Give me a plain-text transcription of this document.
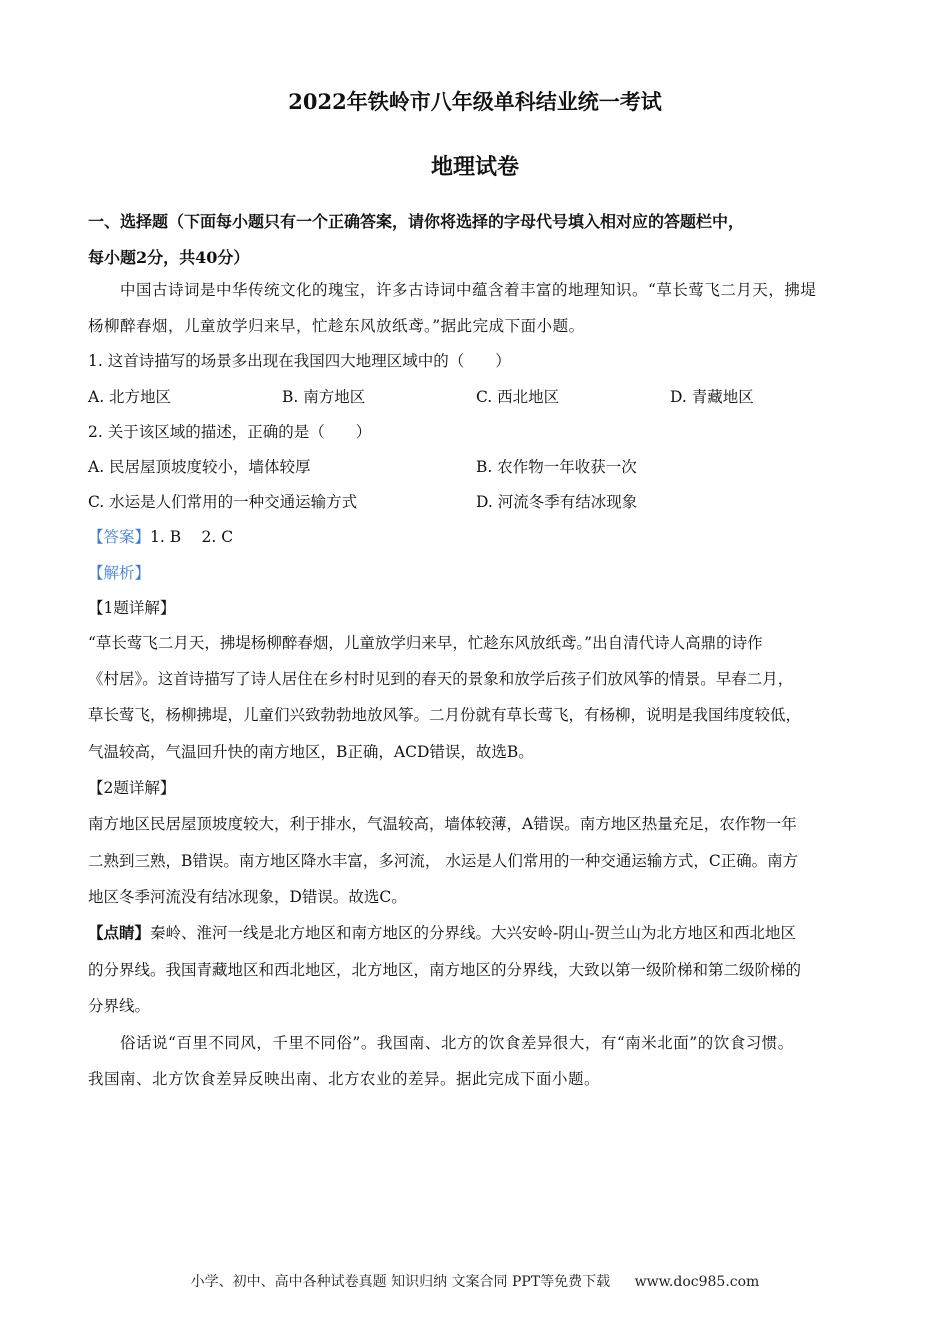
2022年铁岭市八年级单科结业统一考试
地理试卷
一、选择题（下面每小题只有一个正确答案，请你将选择的字母代号填入相对应的答题栏中，
每小题2分，共40分）
中国古诗词是中华传统文化的瑰宝，许多古诗词中蕴含着丰富的地理知识。“草长莺飞二月天，拂堤
杨柳醉春烟，儿童放学归来早，忙趁东风放纸鸢。”据此完成下面小题。
1. 这首诗描写的场景多出现在我国四大地理区域中的（　　）
A. 北方地区	B. 南方地区	C. 西北地区	D. 青藏地区
2. 关于该区域的描述，正确的是（　　）
A. 民居屋顶坡度较小，墙体较厚	B. 农作物一年收获一次
C. 水运是人们常用的一种交通运输方式	D. 河流冬季有结冰现象
【答案】1. B　 2. C
【解析】
【1题详解】
“草长莺飞二月天，拂堤杨柳醉春烟，儿童放学归来早，忙趁东风放纸鸢。”出自清代诗人高鼎的诗作
《村居》。这首诗描写了诗人居住在乡村时见到的春天的景象和放学后孩子们放风筝的情景。早春二月，
草长莺飞，杨柳拂堤，儿童们兴致勃勃地放风筝。二月份就有草长莺飞，有杨柳，说明是我国纬度较低，
气温较高，气温回升快的南方地区，B正确，ACD错误，故选B。
【2题详解】
南方地区民居屋顶坡度较大，利于排水，气温较高，墙体较薄，A错误。南方地区热量充足，农作物一年
二熟到三熟，B错误。南方地区降水丰富，多河流， 水运是人们常用的一种交通运输方式，C正确。南方
地区冬季河流没有结冰现象，D错误。故选C。
【点睛】秦岭、淮河一线是北方地区和南方地区的分界线。大兴安岭-阴山-贺兰山为北方地区和西北地区
的分界线。我国青藏地区和西北地区，北方地区，南方地区的分界线，大致以第一级阶梯和第二级阶梯的
分界线。
俗话说“百里不同风，千里不同俗”。我国南、北方的饮食差异很大，有“南米北面”的饮食习惯。
我国南、北方饮食差异反映出南、北方农业的差异。据此完成下面小题。
小学、初中、高中各种试卷真题 知识归纳 文案合同 PPT等免费下载 www.doc985.com
